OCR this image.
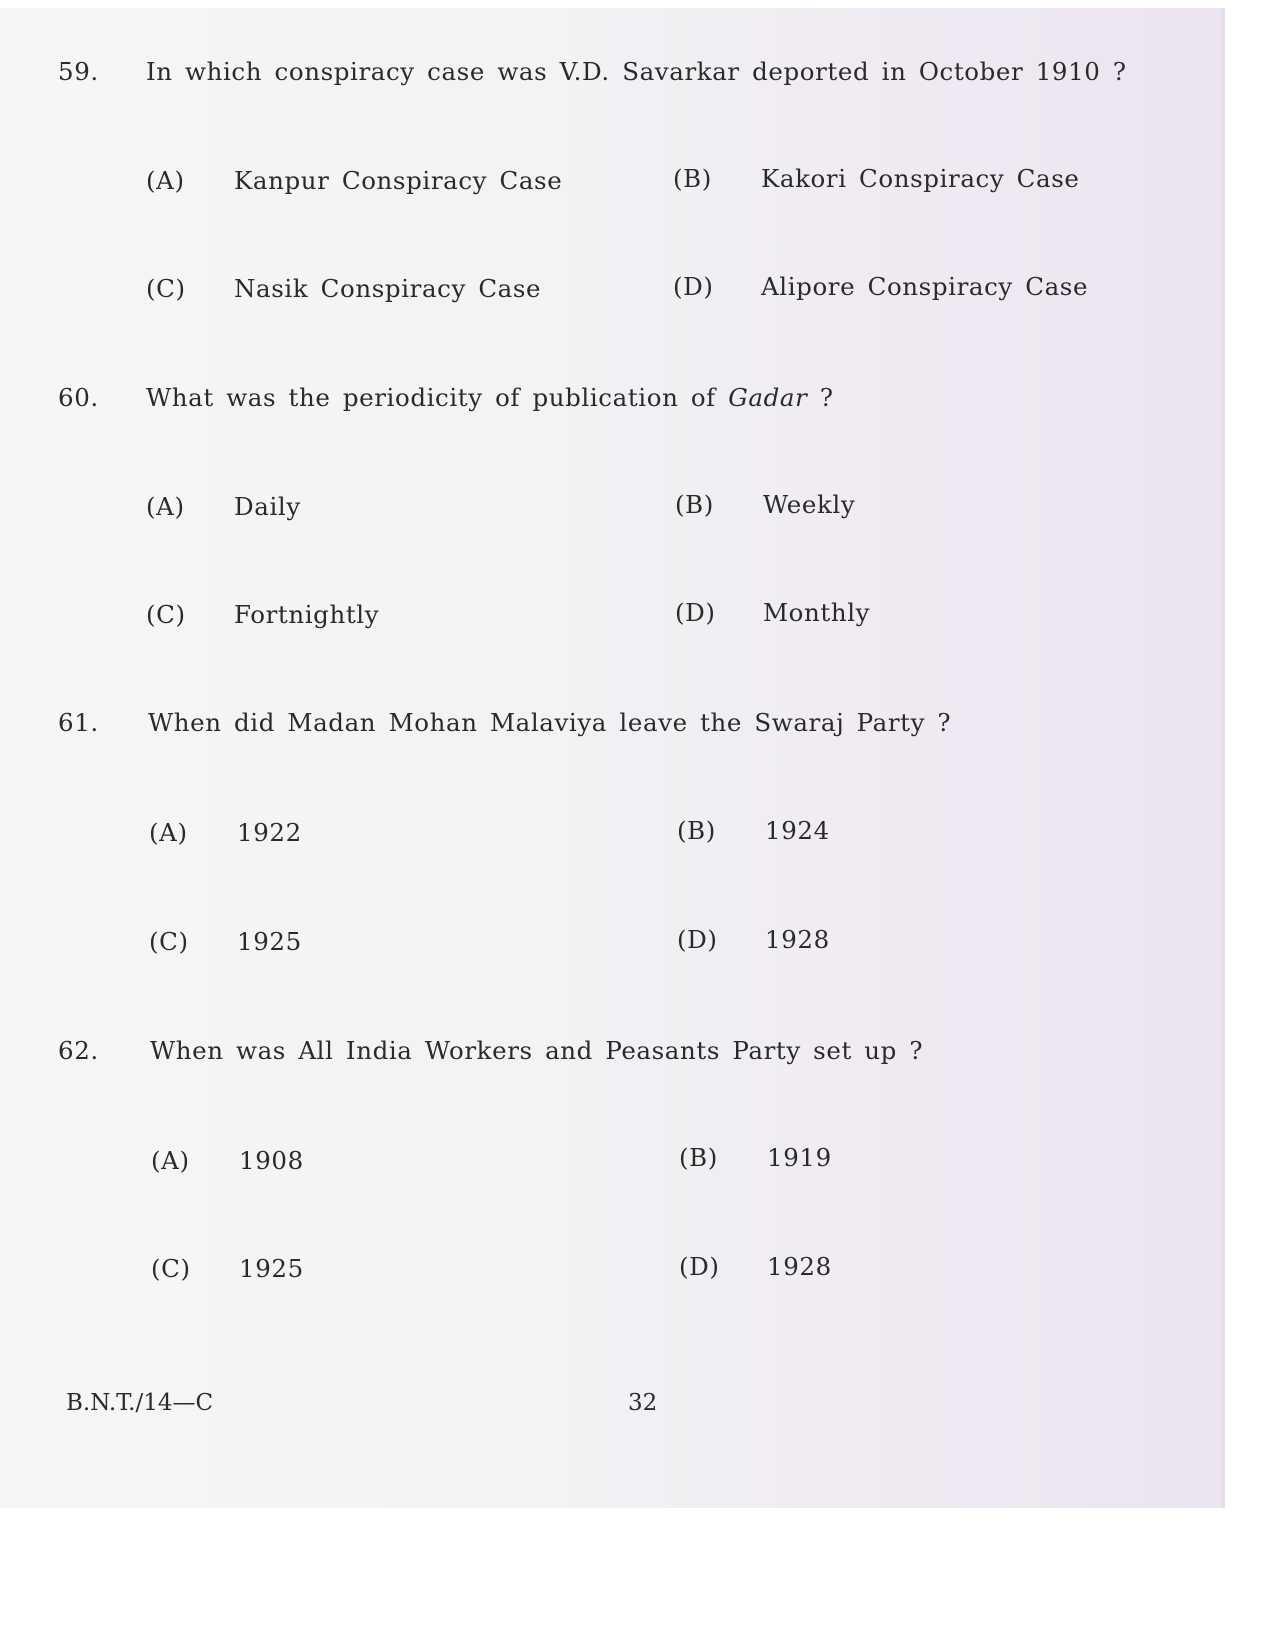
59. In which conspiracy case was V.D. Savarkar deported in October 1910 ?
(A) Kanpur Conspiracy Case	(B) Kakori Conspiracy Case
(C) Nasik Conspiracy Case	(D) Alipore Conspiracy Case
60. What was the periodicity of publication of Gadar ?
(A) Daily	(B) Weekly
(C) Fortnightly	(D) Monthly
61. When did Madan Mohan Malaviya leave the Swaraj Party ?
(A) 1922	(B) 1924
(C) 1925	(D) 1928
62. When was All India Workers and Peasants Party set up ?
(A) 1908	(B) 1919
(C) 1925	(D) 1928
B.N.T./14—C	32
